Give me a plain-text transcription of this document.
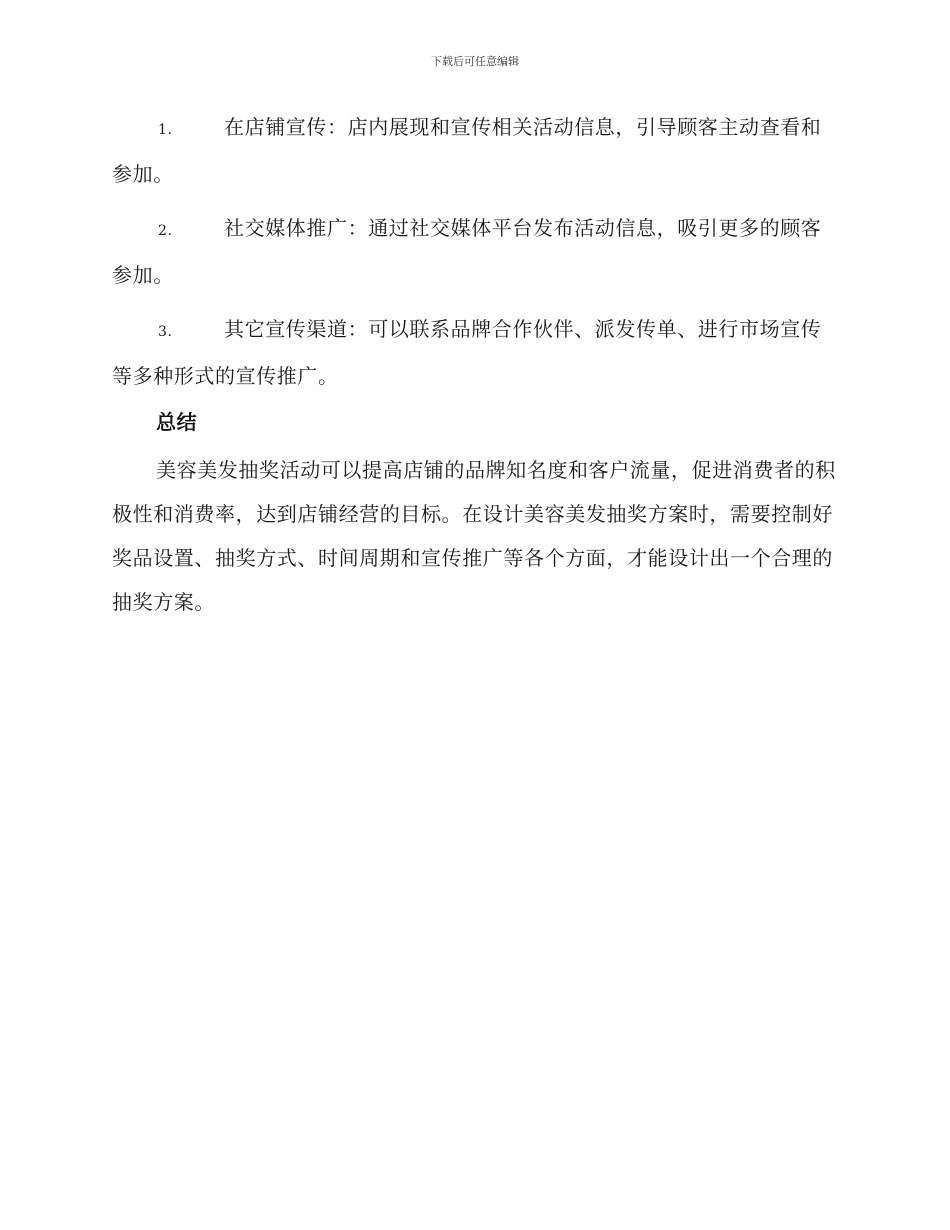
下载后可任意编辑

1.	在店铺宣传：店内展现和宣传相关活动信息，引导顾客主动查看和参加。

2.	社交媒体推广：通过社交媒体平台发布活动信息，吸引更多的顾客参加。

3.	其它宣传渠道：可以联系品牌合作伙伴、派发传单、进行市场宣传等多种形式的宣传推广。

总结

美容美发抽奖活动可以提高店铺的品牌知名度和客户流量，促进消费者的积极性和消费率，达到店铺经营的目标。在设计美容美发抽奖方案时，需要控制好奖品设置、抽奖方式、时间周期和宣传推广等各个方面，才能设计出一个合理的抽奖方案。
